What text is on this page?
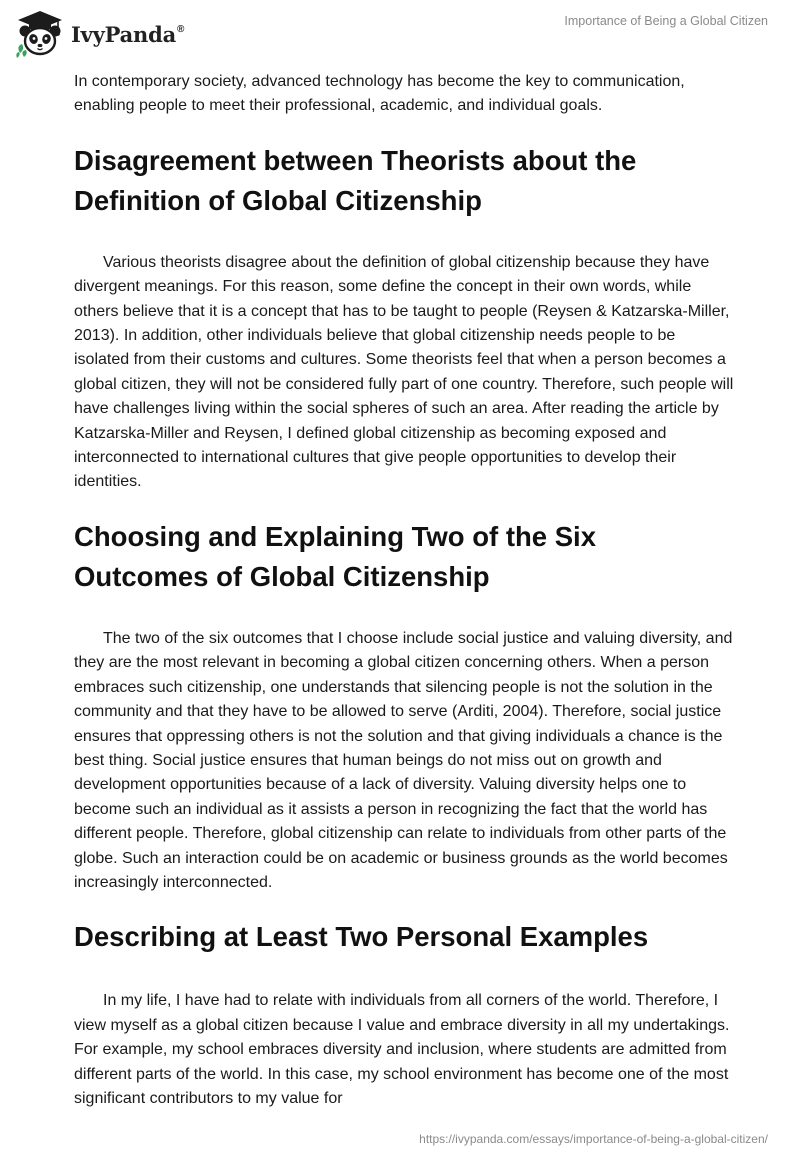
IvyPanda®
Importance of Being a Global Citizen

In contemporary society, advanced technology has become the key to communication, enabling people to meet their professional, academic, and individual goals.

Disagreement between Theorists about the Definition of Global Citizenship

Various theorists disagree about the definition of global citizenship because they have divergent meanings. For this reason, some define the concept in their own words, while others believe that it is a concept that has to be taught to people (Reysen & Katzarska-Miller, 2013). In addition, other individuals believe that global citizenship needs people to be isolated from their customs and cultures. Some theorists feel that when a person becomes a global citizen, they will not be considered fully part of one country. Therefore, such people will have challenges living within the social spheres of such an area. After reading the article by Katzarska-Miller and Reysen, I defined global citizenship as becoming exposed and interconnected to international cultures that give people opportunities to develop their identities.

Choosing and Explaining Two of the Six Outcomes of Global Citizenship

The two of the six outcomes that I choose include social justice and valuing diversity, and they are the most relevant in becoming a global citizen concerning others. When a person embraces such citizenship, one understands that silencing people is not the solution in the community and that they have to be allowed to serve (Arditi, 2004). Therefore, social justice ensures that oppressing others is not the solution and that giving individuals a chance is the best thing. Social justice ensures that human beings do not miss out on growth and development opportunities because of a lack of diversity. Valuing diversity helps one to become such an individual as it assists a person in recognizing the fact that the world has different people. Therefore, global citizenship can relate to individuals from other parts of the globe. Such an interaction could be on academic or business grounds as the world becomes increasingly interconnected.

Describing at Least Two Personal Examples

In my life, I have had to relate with individuals from all corners of the world. Therefore, I view myself as a global citizen because I value and embrace diversity in all my undertakings. For example, my school embraces diversity and inclusion, where students are admitted from different parts of the world. In this case, my school environment has become one of the most significant contributors to my value for

https://ivypanda.com/essays/importance-of-being-a-global-citizen/
